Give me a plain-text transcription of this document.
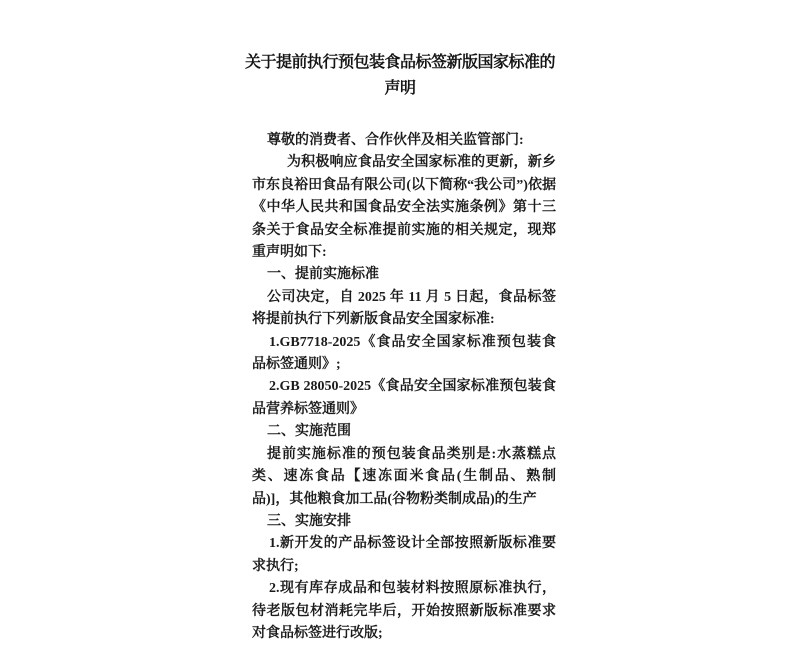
关于提前执行预包装食品标签新版国家标准的
声明

尊敬的消费者、合作伙伴及相关监管部门:

为积极响应食品安全国家标准的更新，新乡市东良裕田食品有限公司(以下简称“我公司”)依据《中华人民共和国食品安全法实施条例》第十三条关于食品安全标准提前实施的相关规定，现郑重声明如下:

一、提前实施标准

公司决定，自 2025 年 11 月 5 日起，食品标签将提前执行下列新版食品安全国家标准:

1.GB7718-2025《食品安全国家标准预包装食品标签通则》;

2.GB 28050-2025《食品安全国家标准预包装食品营养标签通则》

二、实施范围

提前实施标准的预包装食品类别是:水蒸糕点类、速冻食品【速冻面米食品(生制品、熟制品)]，其他粮食加工品(谷物粉类制成品)的生产

三、实施安排

1.新开发的产品标签设计全部按照新版标准要求执行;

2.现有库存成品和包装材料按照原标准执行，待老版包材消耗完毕后，开始按照新版标准要求对食品标签进行改版;
